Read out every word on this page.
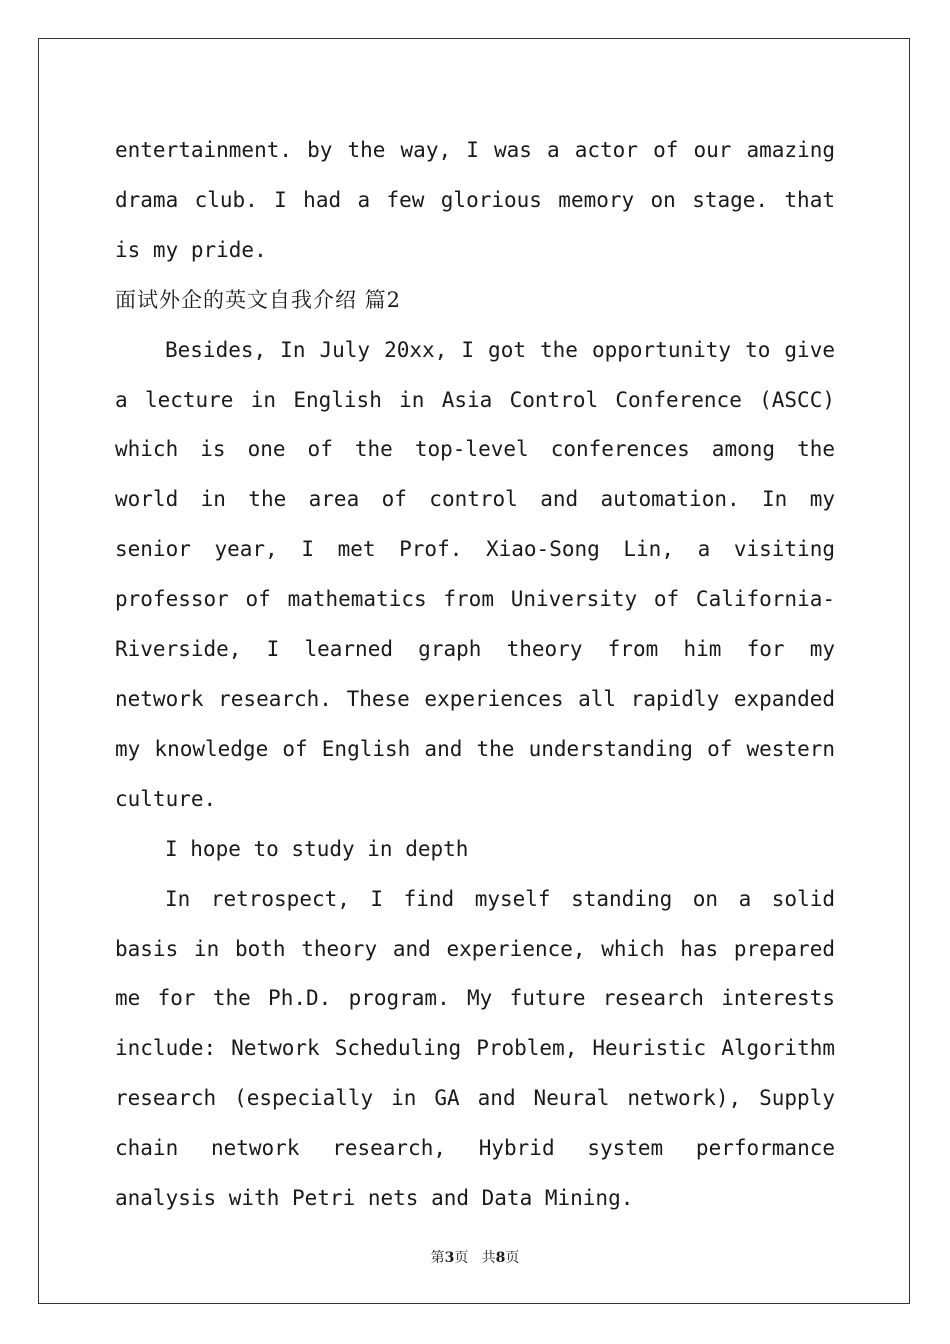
entertainment. by the way, I was a actor of our amazing drama club. I had a few glorious memory on stage. that is my pride.

面试外企的英文自我介绍 篇2

Besides, In July 20xx, I got the opportunity to give a lecture in English in Asia Control Conference (ASCC) which is one of the top-level conferences among the world in the area of control and automation. In my senior year, I met Prof. Xiao-Song Lin, a visiting professor of mathematics from University of California-Riverside, I learned graph theory from him for my network research. These experiences all rapidly expanded my knowledge of English and the understanding of western culture.

I hope to study in depth

In retrospect, I find myself standing on a solid basis in both theory and experience, which has prepared me for the Ph.D. program. My future research interests include: Network Scheduling Problem, Heuristic Algorithm research (especially in GA and Neural network), Supply chain network research, Hybrid system performance analysis with Petri nets and Data Mining.

第3页 共8页
